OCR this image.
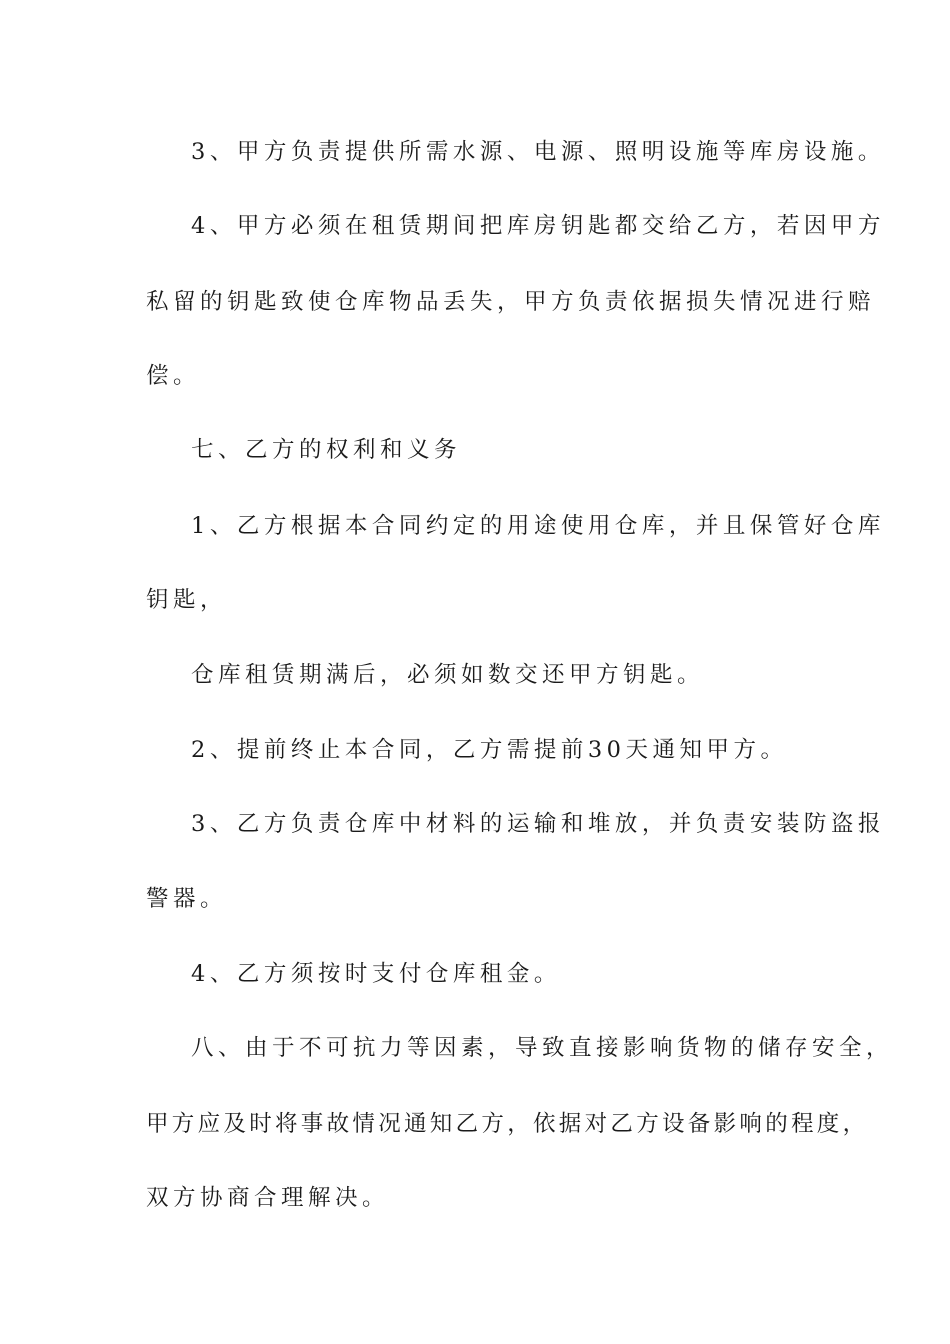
3、甲方负责提供所需水源、电源、照明设施等库房设施。

4、甲方必须在租赁期间把库房钥匙都交给乙方，若因甲方

私留的钥匙致使仓库物品丢失，甲方负责依据损失情况进行赔

偿。

七、乙方的权利和义务

1、乙方根据本合同约定的用途使用仓库，并且保管好仓库

钥匙，

仓库租赁期满后，必须如数交还甲方钥匙。

2、提前终止本合同，乙方需提前30天通知甲方。

3、乙方负责仓库中材料的运输和堆放，并负责安装防盗报

警器。

4、乙方须按时支付仓库租金。

八、由于不可抗力等因素，导致直接影响货物的储存安全，

甲方应及时将事故情况通知乙方，依据对乙方设备影响的程度，

双方协商合理解决。
